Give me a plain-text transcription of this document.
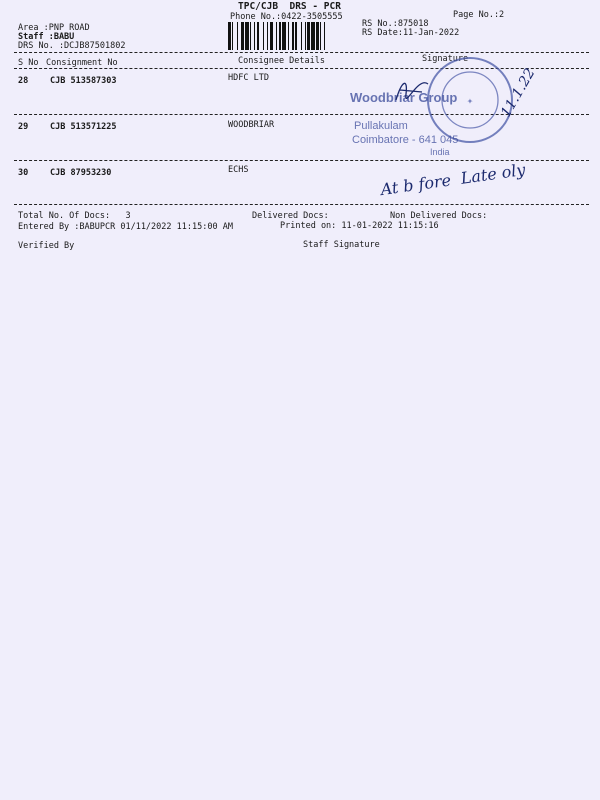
TPC/CJB  DRS - PCR
Phone No.:0422-3505555	Page No.:2
Area :PNP ROAD
Staff :BABU
DRS No. :DCJB87501802
RS No.:875018
RS Date:11-Jan-2022
S No Consignment No	Consignee Details	Signature
28	CJB 513587303	HDFC LTD
29	CJB 513571225	WOODBRIAR
30	CJB 87953230	ECHS
Total No. Of Docs:   3	Delivered Docs:	Non Delivered Docs:
Entered By :BABUPCR 01/11/2022 11:15:00 AM	Printed on: 11-01-2022 11:15:16
Verified By	Staff Signature
✦
Woodbriar Group
Pullakulam
Coimbatore - 641 045
India
11.1.22
At b fore  Late oly
